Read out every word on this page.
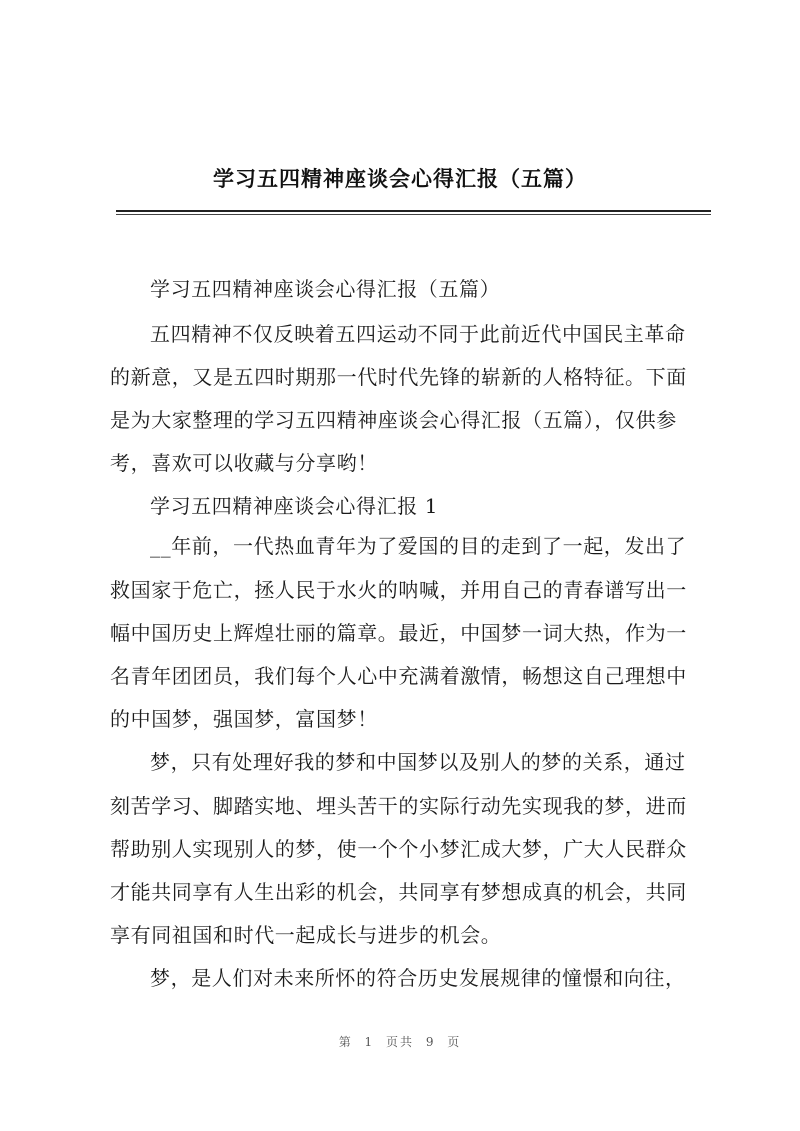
学习五四精神座谈会心得汇报（五篇）
学习五四精神座谈会心得汇报（五篇）
五四精神不仅反映着五四运动不同于此前近代中国民主革命
的新意，又是五四时期那一代时代先锋的崭新的人格特征。下面
是为大家整理的学习五四精神座谈会心得汇报（五篇），仅供参
考，喜欢可以收藏与分享哟！
学习五四精神座谈会心得汇报 1
__年前，一代热血青年为了爱国的目的走到了一起，发出了
救国家于危亡，拯人民于水火的呐喊，并用自己的青春谱写出一
幅中国历史上辉煌壮丽的篇章。最近，中国梦一词大热，作为一
名青年团团员，我们每个人心中充满着激情，畅想这自己理想中
的中国梦，强国梦，富国梦！
梦，只有处理好我的梦和中国梦以及别人的梦的关系，通过
刻苦学习、脚踏实地、埋头苦干的实际行动先实现我的梦，进而
帮助别人实现别人的梦，使一个个小梦汇成大梦，广大人民群众
才能共同享有人生出彩的机会，共同享有梦想成真的机会，共同
享有同祖国和时代一起成长与进步的机会。
梦，是人们对未来所怀的符合历史发展规律的憧憬和向往，
第 1 页共 9 页
